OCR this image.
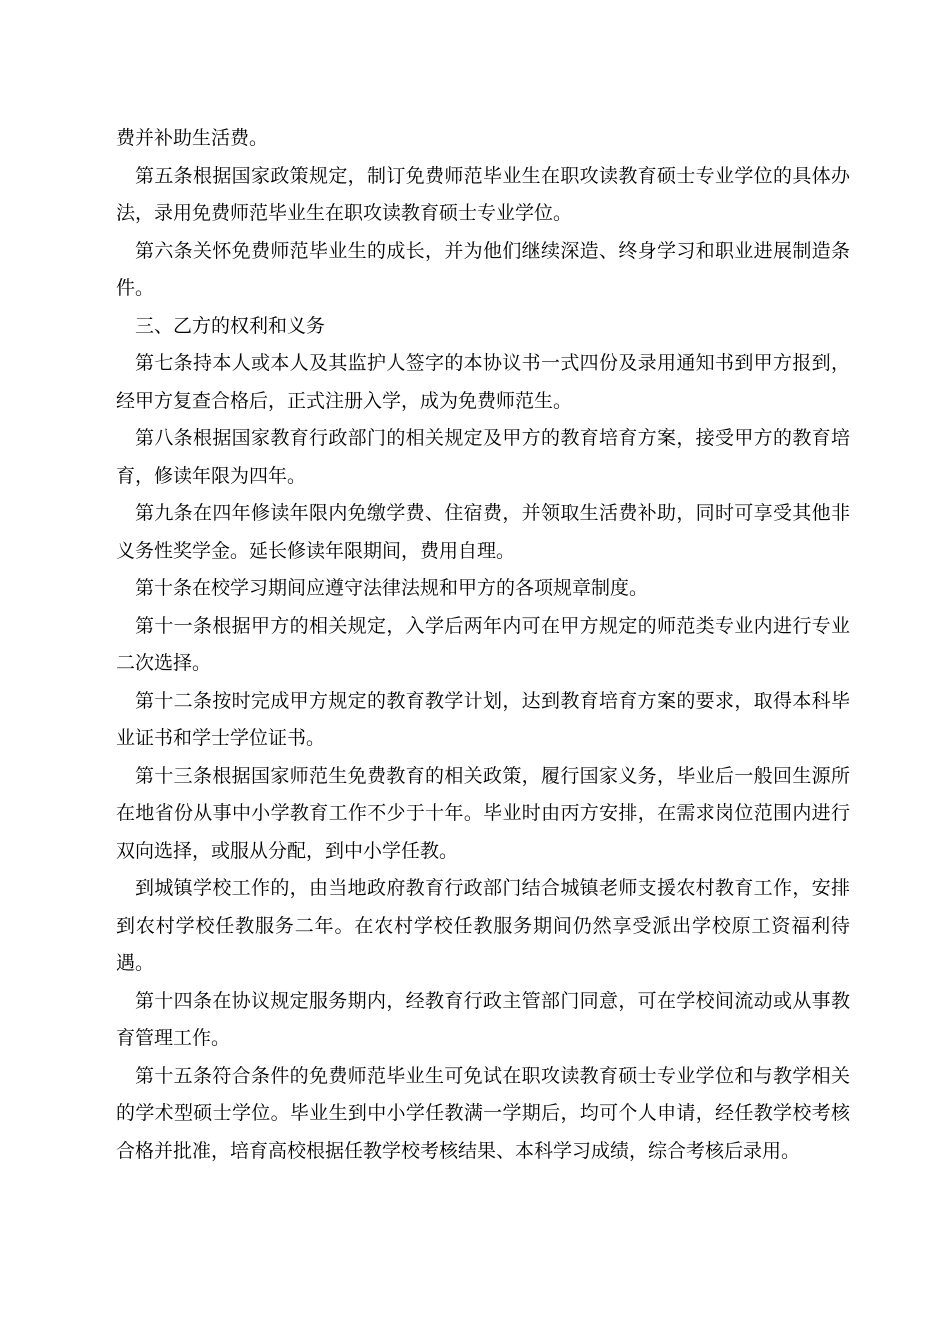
费并补助生活费。

第五条根据国家政策规定，制订免费师范毕业生在职攻读教育硕士专业学位的具体办法，录用免费师范毕业生在职攻读教育硕士专业学位。

第六条关怀免费师范毕业生的成长，并为他们继续深造、终身学习和职业进展制造条件。

三、乙方的权利和义务

第七条持本人或本人及其监护人签字的本协议书一式四份及录用通知书到甲方报到，经甲方复查合格后，正式注册入学，成为免费师范生。

第八条根据国家教育行政部门的相关规定及甲方的教育培育方案，接受甲方的教育培育，修读年限为四年。

第九条在四年修读年限内免缴学费、住宿费，并领取生活费补助，同时可享受其他非义务性奖学金。延长修读年限期间，费用自理。

第十条在校学习期间应遵守法律法规和甲方的各项规章制度。

第十一条根据甲方的相关规定，入学后两年内可在甲方规定的师范类专业内进行专业二次选择。

第十二条按时完成甲方规定的教育教学计划，达到教育培育方案的要求，取得本科毕业证书和学士学位证书。

第十三条根据国家师范生免费教育的相关政策，履行国家义务，毕业后一般回生源所在地省份从事中小学教育工作不少于十年。毕业时由丙方安排，在需求岗位范围内进行双向选择，或服从分配，到中小学任教。

到城镇学校工作的，由当地政府教育行政部门结合城镇老师支援农村教育工作，安排到农村学校任教服务二年。在农村学校任教服务期间仍然享受派出学校原工资福利待遇。

第十四条在协议规定服务期内，经教育行政主管部门同意，可在学校间流动或从事教育管理工作。

第十五条符合条件的免费师范毕业生可免试在职攻读教育硕士专业学位和与教学相关的学术型硕士学位。毕业生到中小学任教满一学期后，均可个人申请，经任教学校考核合格并批准，培育高校根据任教学校考核结果、本科学习成绩，综合考核后录用。
